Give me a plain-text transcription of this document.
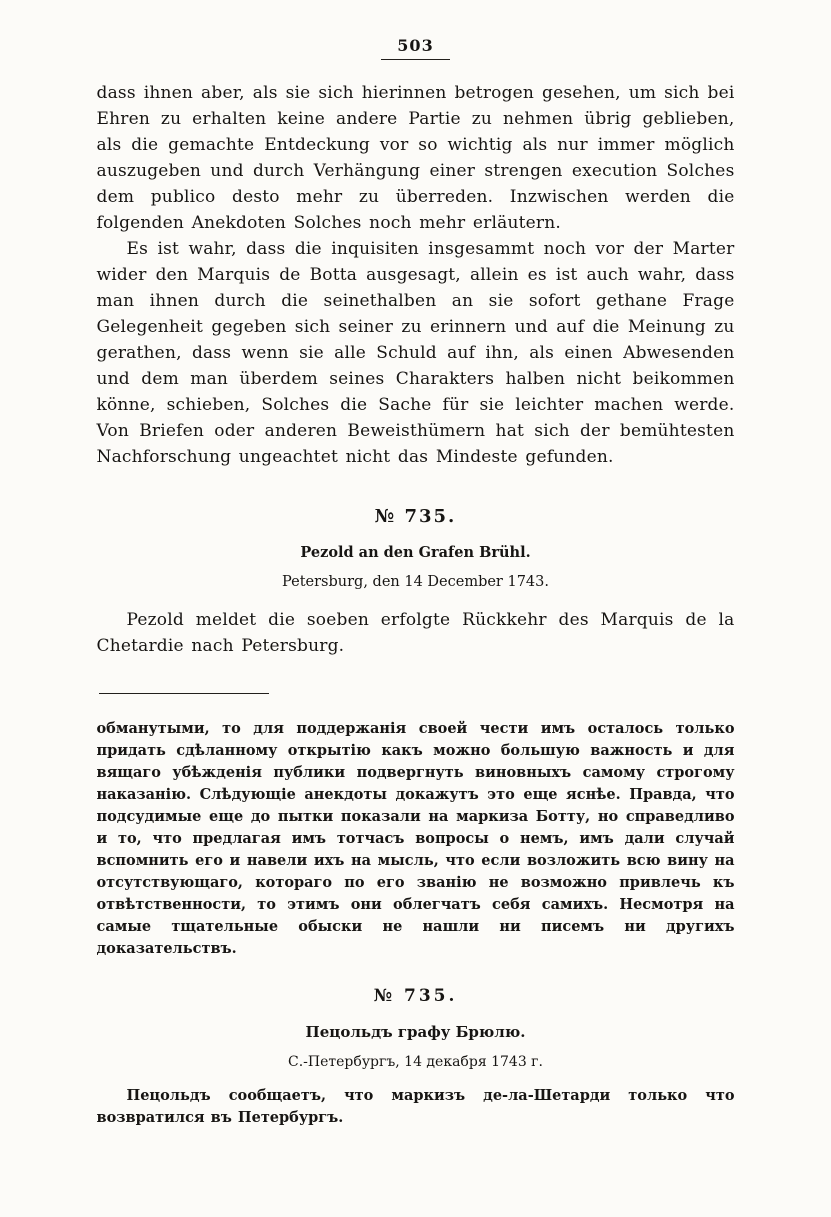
503

dass ihnen aber, als sie sich hierinnen betrogen gesehen, um sich bei Ehren zu erhalten keine andere Partie zu nehmen übrig geblieben, als die gemachte Entdeckung vor so wichtig als nur immer möglich auszugeben und durch Verhängung einer strengen execution Solches dem publico desto mehr zu überreden. Inzwischen werden die folgenden Anekdoten Solches noch mehr erläutern.

Es ist wahr, dass die inquisiten insgesammt noch vor der Marter wider den Marquis de Botta ausgesagt, allein es ist auch wahr, dass man ihnen durch die seinethalben an sie sofort gethane Frage Gelegenheit gegeben sich seiner zu erinnern und auf die Meinung zu gerathen, dass wenn sie alle Schuld auf ihn, als einen Abwesenden und dem man überdem seines Charakters halben nicht beikommen könne, schieben, Solches die Sache für sie leichter machen werde. Von Briefen oder anderen Beweisthümern hat sich der bemühtesten Nachforschung ungeachtet nicht das Mindeste gefunden.

№ 735.
Pezold an den Grafen Brühl.
Petersburg, den 14 December 1743.

Pezold meldet die soeben erfolgte Rückkehr des Marquis de la Chetardie nach Petersburg.

обманутыми, то для поддержанія своей чести имъ осталось только придать сдѣланному открытію какъ можно большую важность и для вящаго убѣжденія публики подвергнуть виновныхъ самому строгому наказанію. Слѣдующіе анекдоты докажутъ это еще яснѣе. Правда, что подсудимые еще до пытки показали на маркиза Ботту, но справедливо и то, что предлагая имъ тотчасъ вопросы о немъ, имъ дали случай вспомнить его и навели ихъ на мысль, что если возложить всю вину на отсутствующаго, котораго по его званію не возможно привлечь къ отвѣтственности, то этимъ они облегчатъ себя самихъ. Несмотря на самые тщательные обыски не нашли ни писемъ ни другихъ доказательствъ.

№ 735.
Пецольдъ графу Брюлю.
С.-Петербургъ, 14 декабря 1743 г.

Пецольдъ сообщаетъ, что маркизъ де-ла-Шетарди только что возвратился въ Петербургъ.
